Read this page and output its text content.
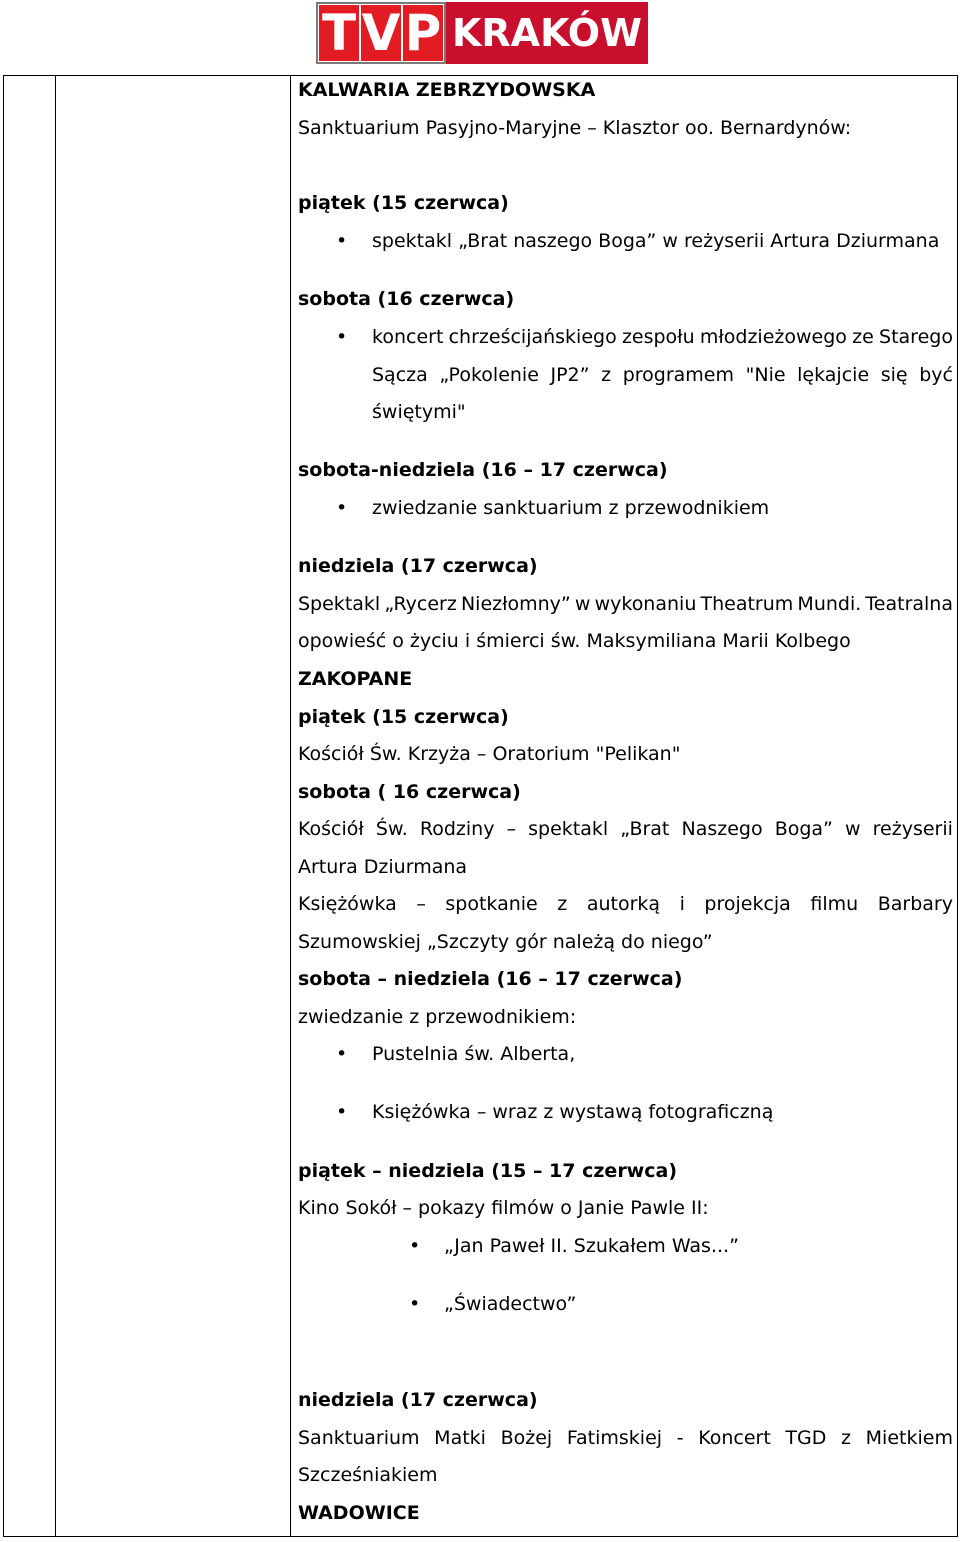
T V P KRAKÓW
KALWARIA ZEBRZYDOWSKA
Sanktuarium Pasyjno-Maryjne – Klasztor oo. Bernardynów:
piątek (15 czerwca)
• spektakl „Brat naszego Boga” w reżyserii Artura Dziurmana
sobota (16 czerwca)
• koncert chrześcijańskiego zespołu młodzieżowego ze Starego
Sącza „Pokolenie JP2” z programem "Nie lękajcie się być
świętymi"
sobota-niedziela (16 – 17 czerwca)
• zwiedzanie sanktuarium z przewodnikiem
niedziela (17 czerwca)
Spektakl „Rycerz Niezłomny” w wykonaniu Theatrum Mundi. Teatralna
opowieść o życiu i śmierci św. Maksymiliana Marii Kolbego
ZAKOPANE
piątek (15 czerwca)
Kościół Św. Krzyża – Oratorium "Pelikan"
sobota ( 16 czerwca)
Kościół Św. Rodziny – spektakl „Brat Naszego Boga” w reżyserii
Artura Dziurmana
Księżówka – spotkanie z autorką i projekcja filmu Barbary
Szumowskiej „Szczyty gór należą do niego”
sobota – niedziela (16 – 17 czerwca)
zwiedzanie z przewodnikiem:
• Pustelnia św. Alberta,
• Księżówka – wraz z wystawą fotograficzną
piątek – niedziela (15 – 17 czerwca)
Kino Sokół – pokazy filmów o Janie Pawle II:
• „Jan Paweł II. Szukałem Was...”
• „Świadectwo”
niedziela (17 czerwca)
Sanktuarium Matki Bożej Fatimskiej - Koncert TGD z Mietkiem
Szcześniakiem
WADOWICE
